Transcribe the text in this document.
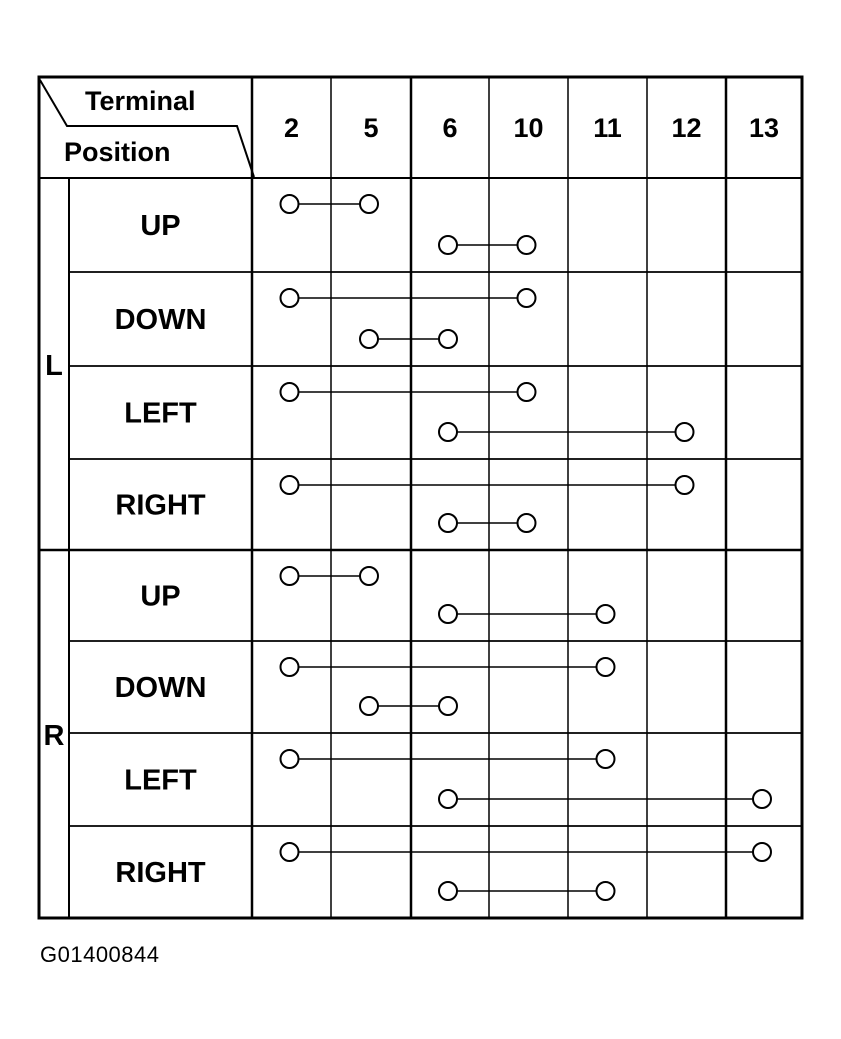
Terminal
Position
2 5 6 10 11 12 13
L
UP
DOWN
LEFT
RIGHT
R
UP
DOWN
LEFT
RIGHT
G01400844
